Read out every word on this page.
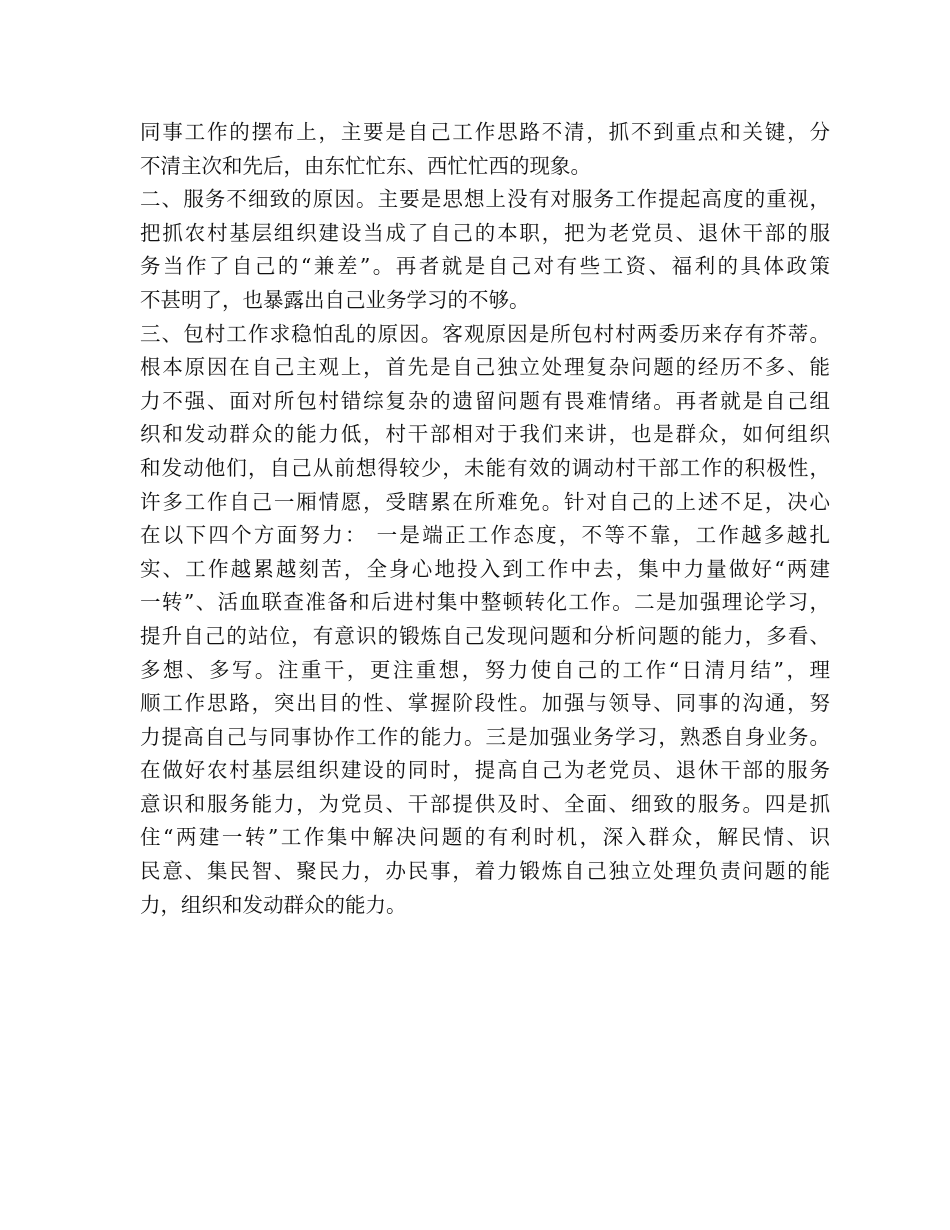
同事工作的摆布上，主要是自己工作思路不清，抓不到重点和关键，分
不清主次和先后，由东忙忙东、西忙忙西的现象。
二、服务不细致的原因。主要是思想上没有对服务工作提起高度的重视，
把抓农村基层组织建设当成了自己的本职，把为老党员、退休干部的服
务当作了自己的“兼差”。再者就是自己对有些工资、福利的具体政策
不甚明了，也暴露出自己业务学习的不够。
三、包村工作求稳怕乱的原因。客观原因是所包村村两委历来存有芥蒂。
根本原因在自己主观上，首先是自己独立处理复杂问题的经历不多、能
力不强、面对所包村错综复杂的遗留问题有畏难情绪。再者就是自己组
织和发动群众的能力低，村干部相对于我们来讲，也是群众，如何组织
和发动他们，自己从前想得较少，未能有效的调动村干部工作的积极性，
许多工作自己一厢情愿，受瞎累在所难免。针对自己的上述不足，决心
在以下四个方面努力： 一是端正工作态度，不等不靠，工作越多越扎
实、工作越累越刻苦，全身心地投入到工作中去，集中力量做好“两建
一转”、活血联查准备和后进村集中整顿转化工作。二是加强理论学习，
提升自己的站位，有意识的锻炼自己发现问题和分析问题的能力，多看、
多想、多写。注重干，更注重想，努力使自己的工作“日清月结”，理
顺工作思路，突出目的性、掌握阶段性。加强与领导、同事的沟通，努
力提高自己与同事协作工作的能力。三是加强业务学习，熟悉自身业务。
在做好农村基层组织建设的同时，提高自己为老党员、退休干部的服务
意识和服务能力，为党员、干部提供及时、全面、细致的服务。四是抓
住“两建一转”工作集中解决问题的有利时机，深入群众，解民情、识
民意、集民智、聚民力，办民事，着力锻炼自己独立处理负责问题的能
力，组织和发动群众的能力。
